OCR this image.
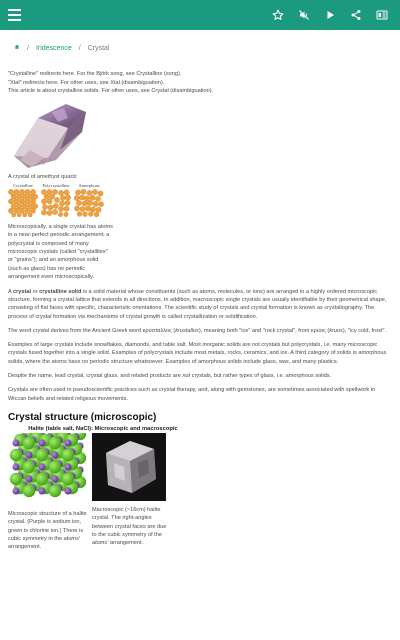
/ Iridescence / Crystal
"Crystalline" redirects here. For the Björk song, see Crystalline (song).
"Xtal" redirects here. For other uses, see Xtal (disambiguation).
This article is about crystalline solids. For other uses, see Crystal (disambiguation).
A crystal of amethyst quartz
Crystalline	Polycrystalline	Amorphous

Microscopically, a single crystal has atoms in a near-perfect periodic arrangement; a polycrystal is composed of many microscopic crystals (called "crystallites" or "grains"); and an amorphous solid (such as glass) has no periodic arrangement even microscopically.

A crystal or crystalline solid is a solid material whose constituents (such as atoms, molecules, or ions) are arranged in a highly ordered microscopic structure, forming a crystal lattice that extends in all directions. In addition, macroscopic single crystals are usually identifiable by their geometrical shape, consisting of flat faces with specific, characteristic orientations. The scientific study of crystals and crystal formation is known as crystallography. The process of crystal formation via mechanisms of crystal growth is called crystallization or solidification.

The word crystal derives from the Ancient Greek word κρύσταλλος (krustallos), meaning both "ice" and "rock crystal", from κρύος (kruos), "icy cold, frost".

Examples of large crystals include snowflakes, diamonds, and table salt. Most inorganic solids are not crystals but polycrystals, i.e. many microscopic crystals fused together into a single solid. Examples of polycrystals include most metals, rocks, ceramics, and ice. A third category of solids is amorphous solids, where the atoms have no periodic structure whatsoever. Examples of amorphous solids include glass, wax, and many plastics.

Despite the name, lead crystal, crystal glass, and related products are not crystals, but rather types of glass, i.e. amorphous solids.

Crystals are often used in pseudoscientific practices such as crystal therapy, and, along with gemstones, are sometimes associated with spellwork in Wiccan beliefs and related religious movements.

Crystal structure (microscopic)
Halite (table salt, NaCl): Microscopic and macroscopic
Microscopic structure of a halite crystal. (Purple is sodium ion, green is chlorine ion.) There is cubic symmetry in the atoms' arrangement.
Macroscopic (~16cm) halite crystal. The right-angles between crystal faces are due to the cubic symmetry of the atoms' arrangement.
